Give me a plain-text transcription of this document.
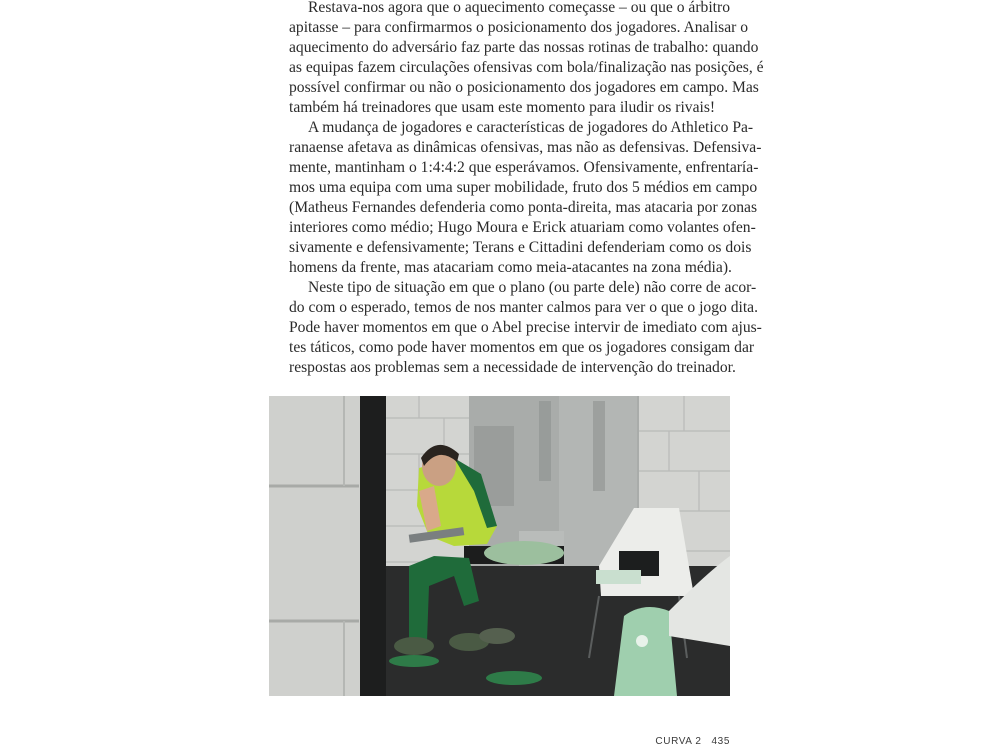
Restava-nos agora que o aquecimento começasse – ou que o árbitro
apitasse – para confirmarmos o posicionamento dos jogadores. Analisar o
aquecimento do adversário faz parte das nossas rotinas de trabalho: quando
as equipas fazem circulações ofensivas com bola/finalização nas posições, é
possível confirmar ou não o posicionamento dos jogadores em campo. Mas
também há treinadores que usam este momento para iludir os rivais!

A mudança de jogadores e características de jogadores do Athletico Pa-
ranaense afetava as dinâmicas ofensivas, mas não as defensivas. Defensiva-
mente, mantinham o 1:4:4:2 que esperávamos. Ofensivamente, enfrentaría-
mos uma equipa com uma super mobilidade, fruto dos 5 médios em campo
(Matheus Fernandes defenderia como ponta-direita, mas atacaria por zonas
interiores como médio; Hugo Moura e Erick atuariam como volantes ofen-
sivamente e defensivamente; Terans e Cittadini defenderiam como os dois
homens da frente, mas atacariam como meia-atacantes na zona média).

Neste tipo de situação em que o plano (ou parte dele) não corre de acor-
do com o esperado, temos de nos manter calmos para ver o que o jogo dita.
Pode haver momentos em que o Abel precise intervir de imediato com ajus-
tes táticos, como pode haver momentos em que os jogadores consigam dar
respostas aos problemas sem a necessidade de intervenção do treinador.

CURVA 2 435
